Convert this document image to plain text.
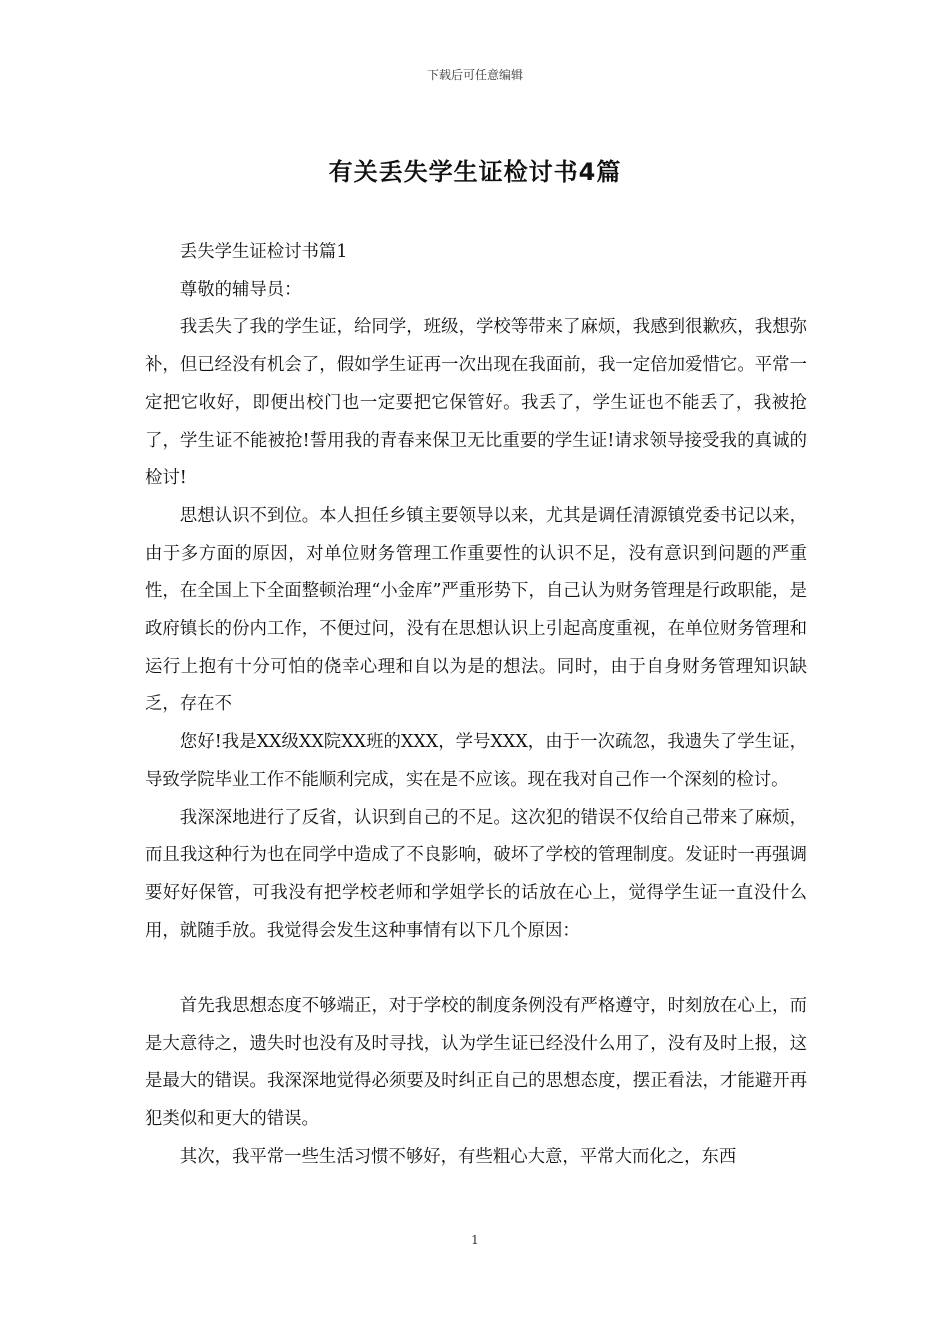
下载后可任意编辑
有关丢失学生证检讨书4篇

丢失学生证检讨书篇1

尊敬的辅导员：

我丢失了我的学生证，给同学，班级，学校等带来了麻烦，我感到很歉疚，我想弥补，但已经没有机会了，假如学生证再一次出现在我面前，我一定倍加爱惜它。平常一定把它收好，即便出校门也一定要把它保管好。我丢了，学生证也不能丢了，我被抢了，学生证不能被抢!誓用我的青春来保卫无比重要的学生证!请求领导接受我的真诚的检讨!

思想认识不到位。本人担任乡镇主要领导以来，尤其是调任清源镇党委书记以来，由于多方面的原因，对单位财务管理工作重要性的认识不足，没有意识到问题的严重性，在全国上下全面整顿治理“小金库”严重形势下，自己认为财务管理是行政职能，是政府镇长的份内工作，不便过问，没有在思想认识上引起高度重视，在单位财务管理和运行上抱有十分可怕的侥幸心理和自以为是的想法。同时，由于自身财务管理知识缺乏，存在不

您好!我是XX级XX院XX班的XXX，学号XXX，由于一次疏忽，我遗失了学生证，导致学院毕业工作不能顺利完成，实在是不应该。现在我对自己作一个深刻的检讨。

我深深地进行了反省，认识到自己的不足。这次犯的错误不仅给自己带来了麻烦，而且我这种行为也在同学中造成了不良影响，破坏了学校的管理制度。发证时一再强调要好好保管，可我没有把学校老师和学姐学长的话放在心上，觉得学生证一直没什么用，就随手放。我觉得会发生这种事情有以下几个原因：

首先我思想态度不够端正，对于学校的制度条例没有严格遵守，时刻放在心上，而是大意待之，遗失时也没有及时寻找，认为学生证已经没什么用了，没有及时上报，这是最大的错误。我深深地觉得必须要及时纠正自己的思想态度，摆正看法，才能避开再犯类似和更大的错误。

其次，我平常一些生活习惯不够好，有些粗心大意，平常大而化之，东西

1
